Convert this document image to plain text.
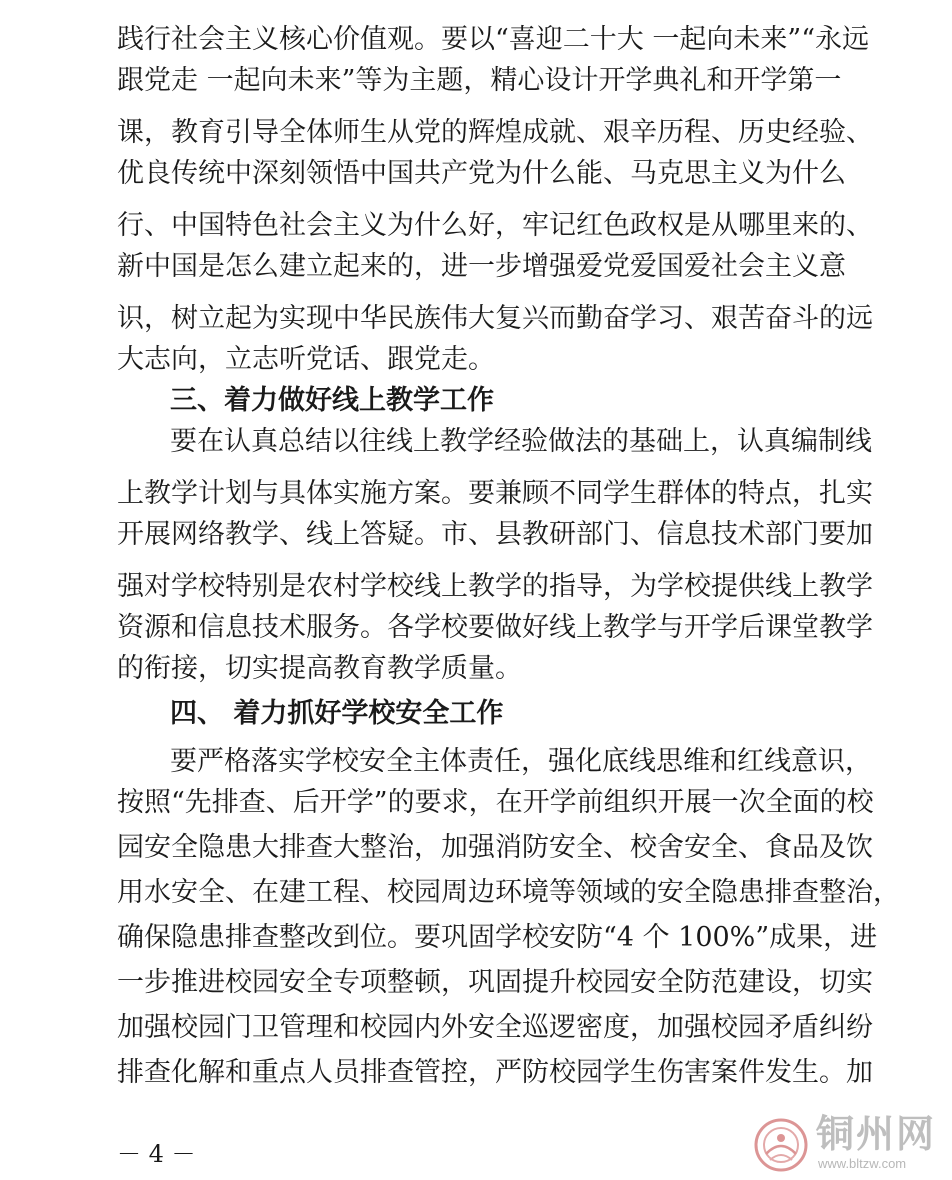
践行社会主义核心价值观。要以“喜迎二十大 一起向未来”“永远
跟党走 一起向未来”等为主题，精心设计开学典礼和开学第一
课，教育引导全体师生从党的辉煌成就、艰辛历程、历史经验、
优良传统中深刻领悟中国共产党为什么能、马克思主义为什么
行、中国特色社会主义为什么好，牢记红色政权是从哪里来的、
新中国是怎么建立起来的，进一步增强爱党爱国爱社会主义意
识，树立起为实现中华民族伟大复兴而勤奋学习、艰苦奋斗的远
大志向，立志听党话、跟党走。
三、着力做好线上教学工作
要在认真总结以往线上教学经验做法的基础上，认真编制线
上教学计划与具体实施方案。要兼顾不同学生群体的特点，扎实
开展网络教学、线上答疑。市、县教研部门、信息技术部门要加
强对学校特别是农村学校线上教学的指导，为学校提供线上教学
资源和信息技术服务。各学校要做好线上教学与开学后课堂教学
的衔接，切实提高教育教学质量。
四、 着力抓好学校安全工作
要严格落实学校安全主体责任，强化底线思维和红线意识，
按照“先排查、后开学”的要求，在开学前组织开展一次全面的校
园安全隐患大排查大整治，加强消防安全、校舍安全、食品及饮
用水安全、在建工程、校园周边环境等领域的安全隐患排查整治，
确保隐患排查整改到位。要巩固学校安防“4 个 100%”成果，进
一步推进校园安全专项整顿，巩固提升校园安全防范建设，切实
加强校园门卫管理和校园内外安全巡逻密度，加强校园矛盾纠纷
排查化解和重点人员排查管控，严防校园学生伤害案件发生。加
－ 4 －	铜州网
www.bltzw.com
